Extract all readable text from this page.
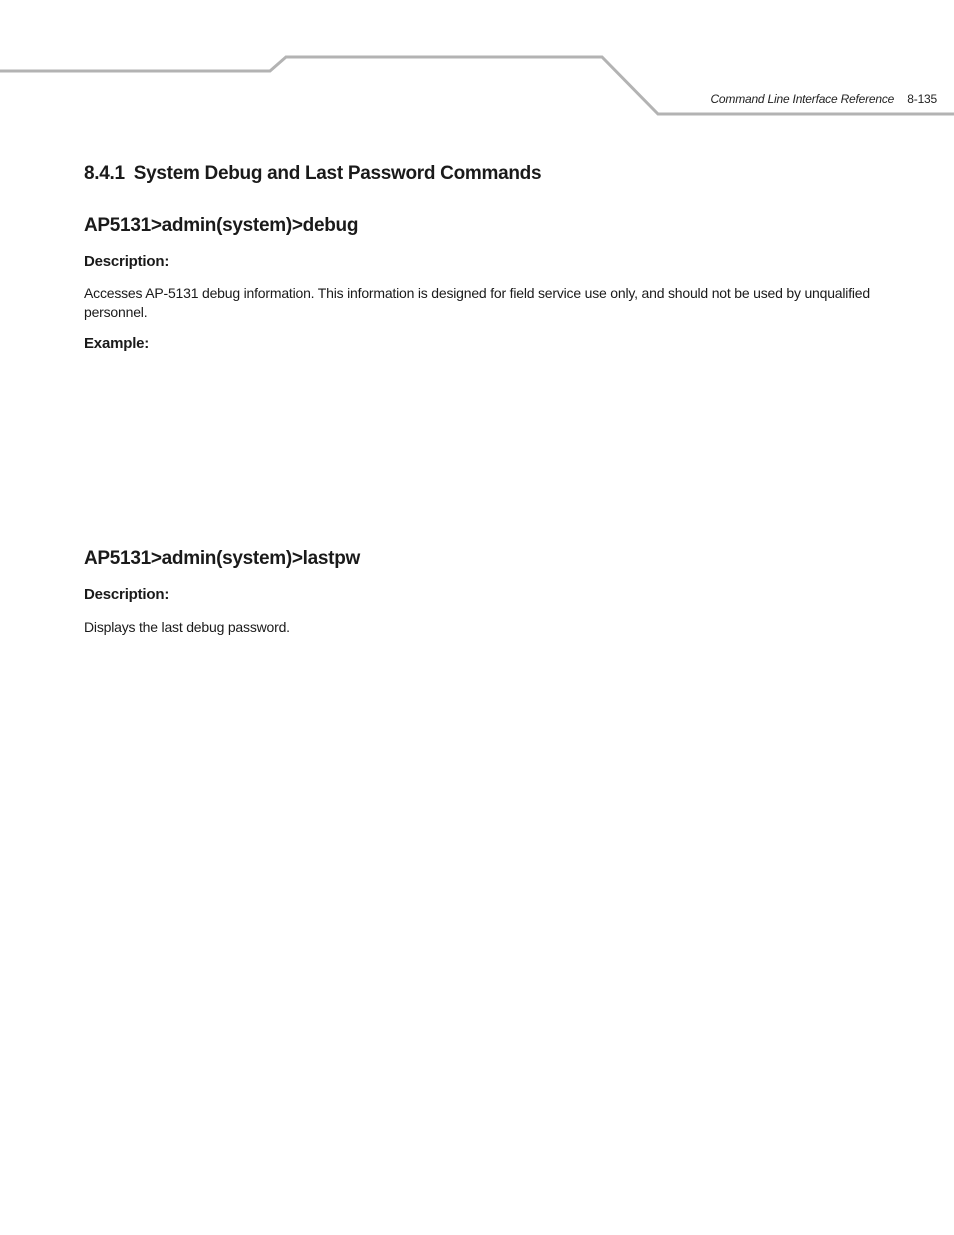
Command Line Interface Reference 8-135
8.4.1 System Debug and Last Password Commands
AP5131>admin(system)>debug
Description:

Accesses AP-5131 debug information. This information is designed for field service use only, and should not be used by unqualified personnel.

Example:
AP5131>admin(system)>lastpw
Description:

Displays the last debug password.
